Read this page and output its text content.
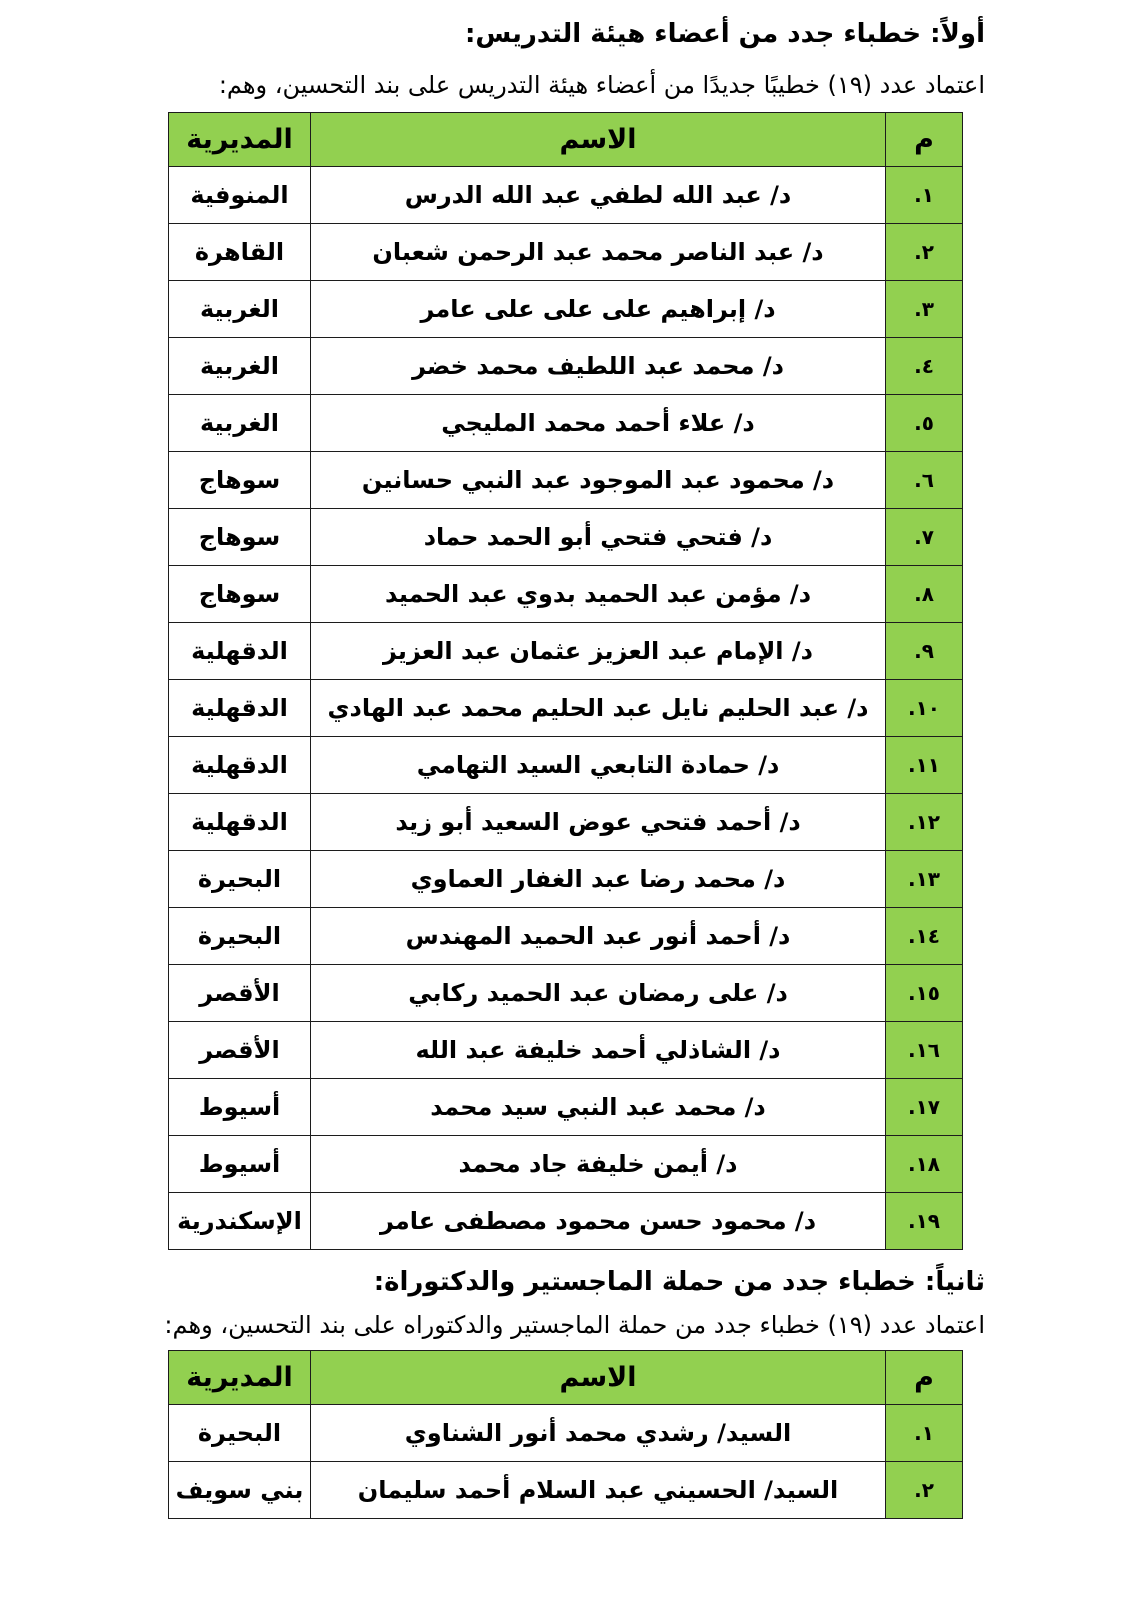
أولاً: خطباء جدد من أعضاء هيئة التدريس:
اعتماد عدد (١٩) خطيبًا جديدًا من أعضاء هيئة التدريس على بند التحسين، وهم:
م	الاسم	المديرية
١.	د/ عبد الله لطفي عبد الله الدرس	المنوفية
٢.	د/ عبد الناصر محمد عبد الرحمن شعبان	القاهرة
٣.	د/ إبراهيم على على على عامر	الغربية
٤.	د/ محمد عبد اللطيف محمد خضر	الغربية
٥.	د/ علاء أحمد محمد المليجي	الغربية
٦.	د/ محمود عبد الموجود عبد النبي حسانين	سوهاج
٧.	د/ فتحي فتحي أبو الحمد حماد	سوهاج
٨.	د/ مؤمن عبد الحميد بدوي عبد الحميد	سوهاج
٩.	د/ الإمام عبد العزيز عثمان عبد العزيز	الدقهلية
١٠.	د/ عبد الحليم نايل عبد الحليم محمد عبد الهادي	الدقهلية
١١.	د/ حمادة التابعي السيد التهامي	الدقهلية
١٢.	د/ أحمد فتحي عوض السعيد أبو زيد	الدقهلية
١٣.	د/ محمد رضا عبد الغفار العماوي	البحيرة
١٤.	د/ أحمد أنور عبد الحميد المهندس	البحيرة
١٥.	د/ على رمضان عبد الحميد ركابي	الأقصر
١٦.	د/ الشاذلي أحمد خليفة عبد الله	الأقصر
١٧.	د/ محمد عبد النبي سيد محمد	أسيوط
١٨.	د/ أيمن خليفة جاد محمد	أسيوط
١٩.	د/ محمود حسن محمود مصطفى عامر	الإسكندرية
ثانياً: خطباء جدد من حملة الماجستير والدكتوراة:
اعتماد عدد (١٩) خطباء جدد من حملة الماجستير والدكتوراه على بند التحسين، وهم:
م	الاسم	المديرية
١.	السيد/ رشدي محمد أنور الشناوي	البحيرة
٢.	السيد/ الحسيني عبد السلام أحمد سليمان	بني سويف
